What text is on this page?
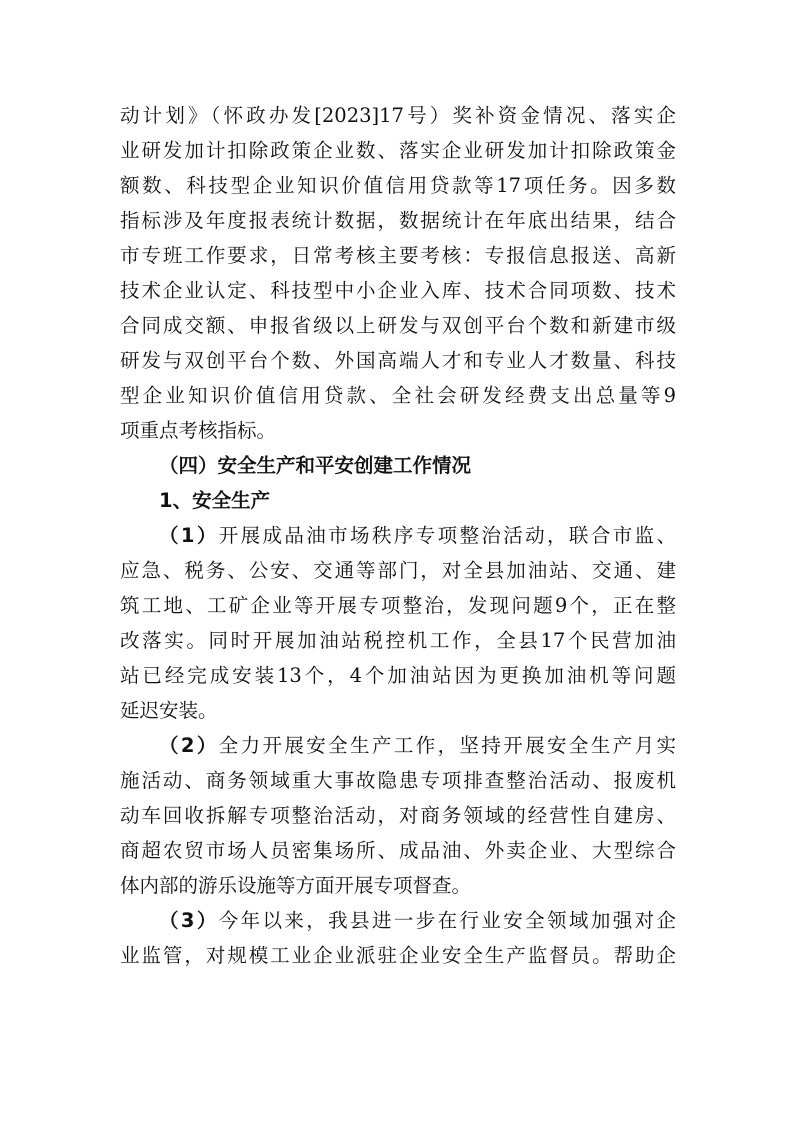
动计划》（怀政办发[2023]17号）奖补资金情况、落实企

业研发加计扣除政策企业数、落实企业研发加计扣除政策金

额数、科技型企业知识价值信用贷款等17项任务。因多数

指标涉及年度报表统计数据，数据统计在年底出结果，结合

市专班工作要求，日常考核主要考核：专报信息报送、高新

技术企业认定、科技型中小企业入库、技术合同项数、技术

合同成交额、申报省级以上研发与双创平台个数和新建市级

研发与双创平台个数、外国高端人才和专业人才数量、科技

型企业知识价值信用贷款、全社会研发经费支出总量等9

项重点考核指标。

（四）安全生产和平安创建工作情况

1、安全生产

（1）开展成品油市场秩序专项整治活动，联合市监、

应急、税务、公安、交通等部门，对全县加油站、交通、建

筑工地、工矿企业等开展专项整治，发现问题9个，正在整

改落实。同时开展加油站税控机工作，全县17个民营加油

站已经完成安装13个，4个加油站因为更换加油机等问题

延迟安装。

（2）全力开展安全生产工作，坚持开展安全生产月实

施活动、商务领域重大事故隐患专项排查整治活动、报废机

动车回收拆解专项整治活动，对商务领域的经营性自建房、

商超农贸市场人员密集场所、成品油、外卖企业、大型综合

体内部的游乐设施等方面开展专项督查。

（3）今年以来，我县进一步在行业安全领域加强对企

业监管，对规模工业企业派驻企业安全生产监督员。帮助企
